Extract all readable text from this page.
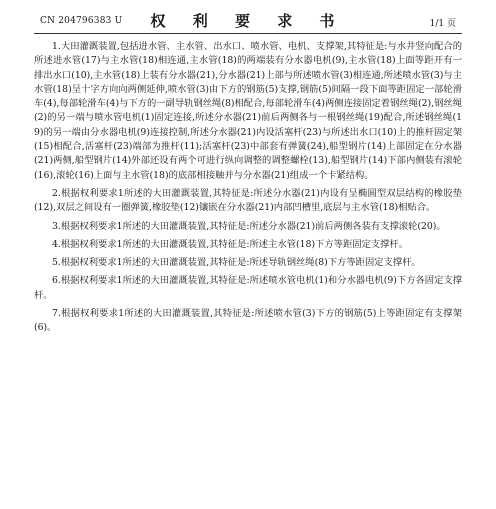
CN 204796383 U	权 利 要 求 书	1/1 页

1.大田灌溉装置,包括进水管、主水管、出水口、喷水管、电机、支撑架,其特征是:与水井竖向配合的所述进水管(17)与主水管(18)相连通,主水管(18)的两端装有分水器电机(9),主水管(18)上面等距开有一排出水口(10),主水管(18)上装有分水器(21),分水器(21)上部与所述喷水管(3)相连通,所述喷水管(3)与主水管(18)呈十字方向向两侧延伸,喷水管(3)由下方的钢筋(5)支撑,钢筋(5)间隔一段下面等距固定一部轮滑车(4),每部轮滑车(4)与下方的一副导轨钢丝绳(8)相配合,每部轮滑车(4)两侧连接固定着钢丝绳(2),钢丝绳(2)的另一端与喷水管电机(1)固定连接,所述分水器(21)前后两侧各与一根钢丝绳(19)配合,所述钢丝绳(19)的另一端由分水器电机(9)连接控制,所述分水器(21)内设活塞杆(23)与所述出水口(10)上的推杆固定架(15)相配合,活塞杆(23)端部为推杆(11);活塞杆(23)中部套有弹簧(24),船型钢片(14)上部固定在分水器(21)两侧,船型钢片(14)外部还设有两个可进行纵向调整的调整螺栓(13),船型钢片(14)下部内侧装有滚轮(16),滚轮(16)上面与主水管(18)的底部相接触并与分水器(21)组成一个卡紧结构。

2.根据权利要求1所述的大田灌溉装置,其特征是:所述分水器(21)内设有呈椭圆型双层结构的橡胶垫(12),双层之间设有一圈弹簧,橡胶垫(12)镶嵌在分水器(21)内部凹槽里,底层与主水管(18)相贴合。

3.根据权利要求1所述的大田灌溉装置,其特征是:所述分水器(21)前后两侧各装有支撑滚轮(20)。

4.根据权利要求1所述的大田灌溉装置,其特征是:所述主水管(18)下方等距固定支撑杆。

5.根据权利要求1所述的大田灌溉装置,其特征是:所述导轨钢丝绳(8)下方等距固定支撑杆。

6.根据权利要求1所述的大田灌溉装置,其特征是:所述喷水管电机(1)和分水器电机(9)下方各固定支撑杆。

7.根据权利要求1所述的大田灌溉装置,其特征是:所述喷水管(3)下方的钢筋(5)上等距固定有支撑架(6)。
